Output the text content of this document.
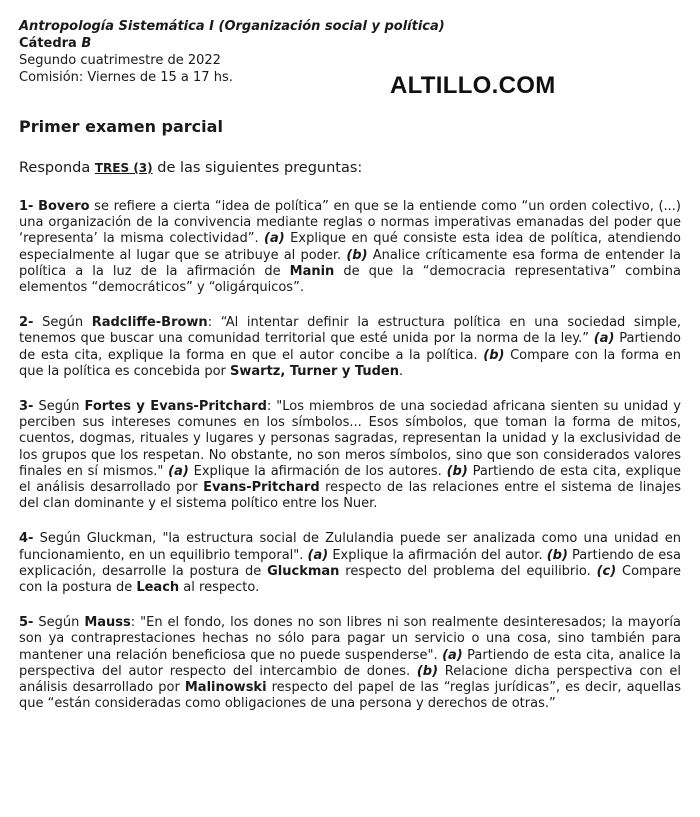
Antropología Sistemática I (Organización social y política)
Cátedra B
Segundo cuatrimestre de 2022
Comisión: Viernes de 15 a 17 hs.	ALTILLO.COM
Primer examen parcial
Responda TRES (3) de las siguientes preguntas:

1- Bovero se refiere a cierta “idea de política” en que se la entiende como “un orden colectivo, (...) una organización de la convivencia mediante reglas o normas imperativas emanadas del poder que ‘representa’ la misma colectividad”. (a) Explique en qué consiste esta idea de política, atendiendo especialmente al lugar que se atribuye al poder. (b) Analice críticamente esa forma de entender la política a la luz de la afirmación de Manin de que la “democracia representativa” combina elementos “democráticos” y “oligárquicos”.

2- Según Radcliffe-Brown: “Al intentar definir la estructura política en una sociedad simple, tenemos que buscar una comunidad territorial que esté unida por la norma de la ley.” (a) Partiendo de esta cita, explique la forma en que el autor concibe a la política. (b) Compare con la forma en que la política es concebida por Swartz, Turner y Tuden.

3- Según Fortes y Evans-Pritchard: "Los miembros de una sociedad africana sienten su unidad y perciben sus intereses comunes en los símbolos... Esos símbolos, que toman la forma de mitos, cuentos, dogmas, rituales y lugares y personas sagradas, representan la unidad y la exclusividad de los grupos que los respetan. No obstante, no son meros símbolos, sino que son considerados valores finales en sí mismos." (a) Explique la afirmación de los autores. (b) Partiendo de esta cita, explique el análisis desarrollado por Evans-Pritchard respecto de las relaciones entre el sistema de linajes del clan dominante y el sistema político entre los Nuer.

4- Según Gluckman, "la estructura social de Zululandia puede ser analizada como una unidad en funcionamiento, en un equilibrio temporal". (a) Explique la afirmación del autor. (b) Partiendo de esa explicación, desarrolle la postura de Gluckman respecto del problema del equilibrio. (c) Compare con la postura de Leach al respecto.

5- Según Mauss: "En el fondo, los dones no son libres ni son realmente desinteresados; la mayoría son ya contraprestaciones hechas no sólo para pagar un servicio o una cosa, sino también para mantener una relación beneficiosa que no puede suspenderse". (a) Partiendo de esta cita, analice la perspectiva del autor respecto del intercambio de dones. (b) Relacione dicha perspectiva con el análisis desarrollado por Malinowski respecto del papel de las “reglas jurídicas”, es decir, aquellas que “están consideradas como obligaciones de una persona y derechos de otras.”
